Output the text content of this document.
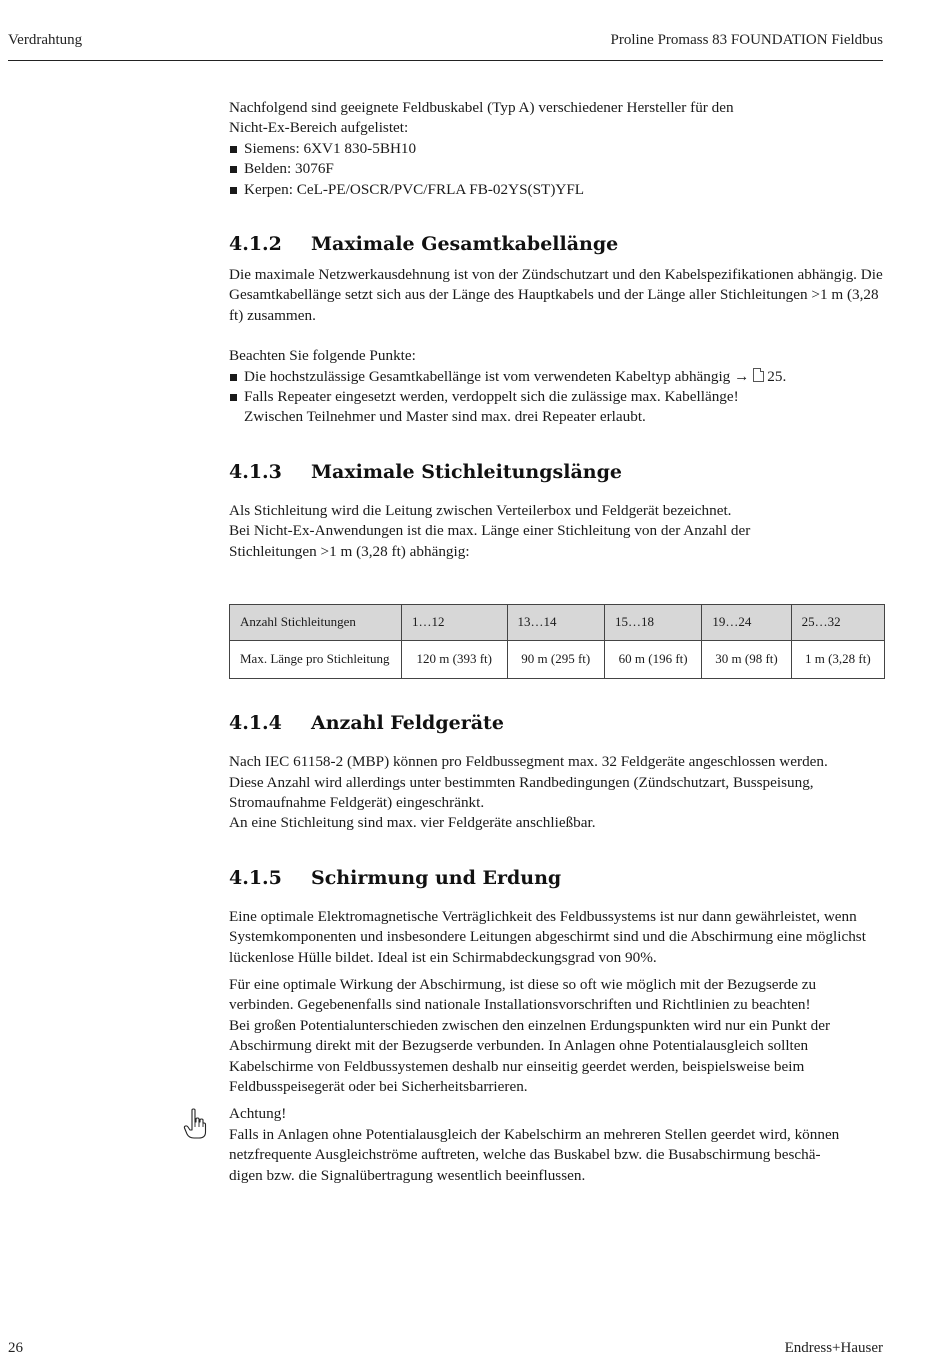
Verdrahtung	Proline Promass 83 FOUNDATION Fieldbus

Nachfolgend sind geeignete Feldbuskabel (Typ A) verschiedener Hersteller für den

Nicht-Ex-Bereich aufgelistet:

Siemens: 6XV1 830-5BH10
Belden: 3076F
Kerpen: CeL-PE/OSCR/PVC/FRLA FB-02YS(ST)YFL
4.1.2 Maximale Gesamtkabellänge

Die maximale Netzwerkausdehnung ist von der Zündschutzart und den Kabelspezifikationen abhängig. Die Gesamtkabellänge setzt sich aus der Länge des Hauptkabels und der Länge aller Stichleitungen >1 m (3,28 ft) zusammen.

Beachten Sie folgende Punkte:

Die hochstzulässige Gesamtkabellänge ist vom verwendeten Kabeltyp abhängig → 25.
Falls Repeater eingesetzt werden, verdoppelt sich die zulässige max. Kabellänge!
Zwischen Teilnehmer und Master sind max. drei Repeater erlaubt.
4.1.3 Maximale Stichleitungslänge

Als Stichleitung wird die Leitung zwischen Verteilerbox und Feldgerät bezeichnet.

Bei Nicht-Ex-Anwendungen ist die max. Länge einer Stichleitung von der Anzahl der

Stichleitungen >1 m (3,28 ft) abhängig:

Anzahl Stichleitungen	1…12	13…14	15…18	19…24	25…32
Max. Länge pro Stichleitung	120 m (393 ft)	90 m (295 ft)	60 m (196 ft)	30 m (98 ft)	1 m (3,28 ft)
4.1.4 Anzahl Feldgeräte

Nach IEC 61158-2 (MBP) können pro Feldbussegment max. 32 Feldgeräte angeschlossen werden.

Diese Anzahl wird allerdings unter bestimmten Randbedingungen (Zündschutzart, Busspeisung,

Stromaufnahme Feldgerät) eingeschränkt.

An eine Stichleitung sind max. vier Feldgeräte anschließbar.

4.1.5 Schirmung und Erdung

Eine optimale Elektromagnetische Verträglichkeit des Feldbussystems ist nur dann gewährleistet, wenn Systemkomponenten und insbesondere Leitungen abgeschirmt sind und die Abschirmung eine möglichst lückenlose Hülle bildet. Ideal ist ein Schirmabdeckungsgrad von 90%.

Für eine optimale Wirkung der Abschirmung, ist diese so oft wie möglich mit der Bezugserde zu

verbinden. Gegebenenfalls sind nationale Installationsvorschriften und Richtlinien zu beachten!

Bei großen Potentialunterschieden zwischen den einzelnen Erdungspunkten wird nur ein Punkt der

Abschirmung direkt mit der Bezugserde verbunden. In Anlagen ohne Potentialausgleich sollten

Kabelschirme von Feldbussystemen deshalb nur einseitig geerdet werden, beispielsweise beim

Feldbusspeisegerät oder bei Sicherheitsbarrieren.

Achtung!

Falls in Anlagen ohne Potentialausgleich der Kabelschirm an mehreren Stellen geerdet wird, können

netzfrequente Ausgleichströme auftreten, welche das Buskabel bzw. die Busabschirmung beschä-

digen bzw. die Signalübertragung wesentlich beeinflussen.

26	Endress+Hauser
